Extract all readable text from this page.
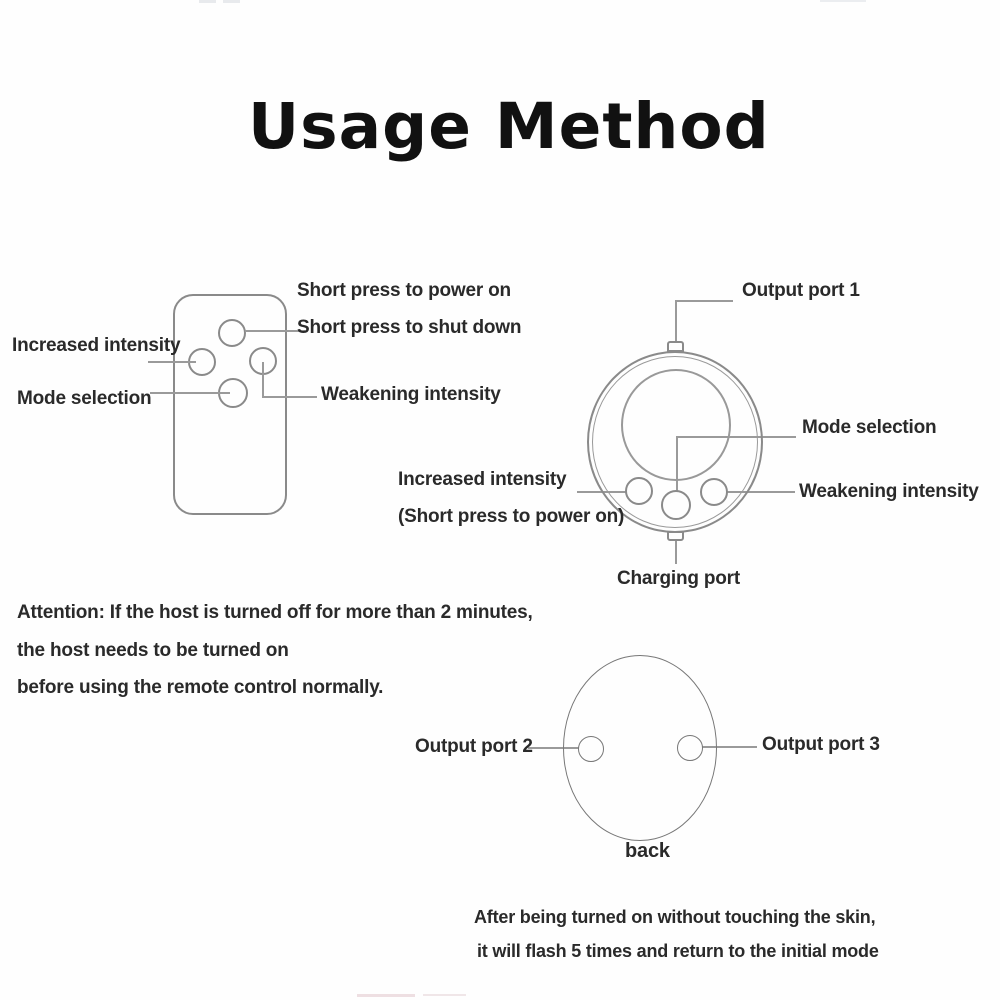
Usage Method
Short press to power on
Short press to shut down
Increased intensity
Mode selection	Weakening intensity
Output port 1
Mode selection
Increased intensity
(Short press to power on)
Weakening intensity
Charging port
Attention: If the host is turned off for more than 2 minutes,
the host needs to be turned on
before using the remote control normally.
Output port 2	Output port 3
back
After being turned on without touching the skin,
it will flash 5 times and return to the initial mode
